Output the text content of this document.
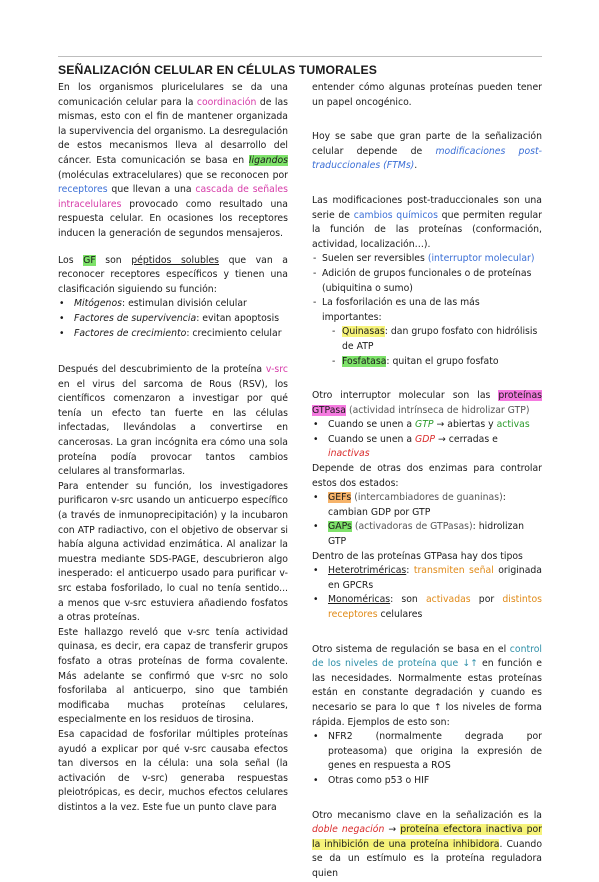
SEÑALIZACIÓN CELULAR EN CÉLULAS TUMORALES

En los organismos pluricelulares se da una comunicación celular para la coordinación de las mismas, esto con el fin de mantener organizada la supervivencia del organismo. La desregulación de estos mecanismos lleva al desarrollo del cáncer. Esta comunicación se basa en ligandos (moléculas extracelulares) que se reconocen por receptores que llevan a una cascada de señales intracelulares provocado como resultado una respuesta celular. En ocasiones los receptores inducen la generación de segundos mensajeros.

Los GF son péptidos solubles que van a reconocer receptores específicos y tienen una clasificación siguiendo su función:

• Mitógenos: estimulan división celular
• Factores de supervivencia: evitan apoptosis
• Factores de crecimiento: crecimiento celular

Después del descubrimiento de la proteína v-src en el virus del sarcoma de Rous (RSV), los científicos comenzaron a investigar por qué tenía un efecto tan fuerte en las células infectadas, llevándolas a convertirse en cancerosas. La gran incógnita era cómo una sola proteína podía provocar tantos cambios celulares al transformarlas.

Para entender su función, los investigadores purificaron v-src usando un anticuerpo específico (a través de inmunoprecipitación) y la incubaron con ATP radiactivo, con el objetivo de observar si había alguna actividad enzimática. Al analizar la muestra mediante SDS-PAGE, descubrieron algo inesperado: el anticuerpo usado para purificar v-src estaba fosforilado, lo cual no tenía sentido... a menos que v-src estuviera añadiendo fosfatos a otras proteínas.

Este hallazgo reveló que v-src tenía actividad quinasa, es decir, era capaz de transferir grupos fosfato a otras proteínas de forma covalente. Más adelante se confirmó que v-src no solo fosforilaba al anticuerpo, sino que también modificaba muchas proteínas celulares, especialmente en los residuos de tirosina.

Esa capacidad de fosforilar múltiples proteínas ayudó a explicar por qué v-src causaba efectos tan diversos en la célula: una sola señal (la activación de v-src) generaba respuestas pleiotrópicas, es decir, muchos efectos celulares distintos a la vez. Este fue un punto clave para

entender cómo algunas proteínas pueden tener un papel oncogénico.

Hoy se sabe que gran parte de la señalización celular depende de modificaciones post-traduccionales (FTMs).

Las modificaciones post-traduccionales son una serie de cambios químicos que permiten regular la función de las proteínas (conformación, actividad, localización…).

- Suelen ser reversibles (interruptor molecular)
- Adición de grupos funcionales o de proteínas (ubiquitina o sumo)
- La fosforilación es una de las más importantes:
- Quinasas: dan grupo fosfato con hidrólisis de ATP
- Fosfatasa: quitan el grupo fosfato

Otro interruptor molecular son las proteínas GTPasa (actividad intrínseca de hidrolizar GTP)

• Cuando se unen a GTP → abiertas y activas
• Cuando se unen a GDP → cerradas e inactivas

Depende de otras dos enzimas para controlar estos dos estados:

• GEFs (intercambiadores de guaninas): cambian GDP por GTP
• GAPs (activadoras de GTPasas): hidrolizan GTP

Dentro de las proteínas GTPasa hay dos tipos

• Heterotriméricas: transmiten señal originada en GPCRs
• Monoméricas: son activadas por distintos receptores celulares

Otro sistema de regulación se basa en el control de los niveles de proteína que ↓↑ en función e las necesidades. Normalmente estas proteínas están en constante degradación y cuando es necesario se para lo que ↑ los niveles de forma rápida. Ejemplos de esto son:

• NFR2 (normalmente degrada por proteasoma) que origina la expresión de genes en respuesta a ROS
• Otras como p53 o HIF

Otro mecanismo clave en la señalización es la doble negación → proteína efectora inactiva por la inhibición de una proteína inhibidora. Cuando se da un estímulo es la proteína reguladora quien
